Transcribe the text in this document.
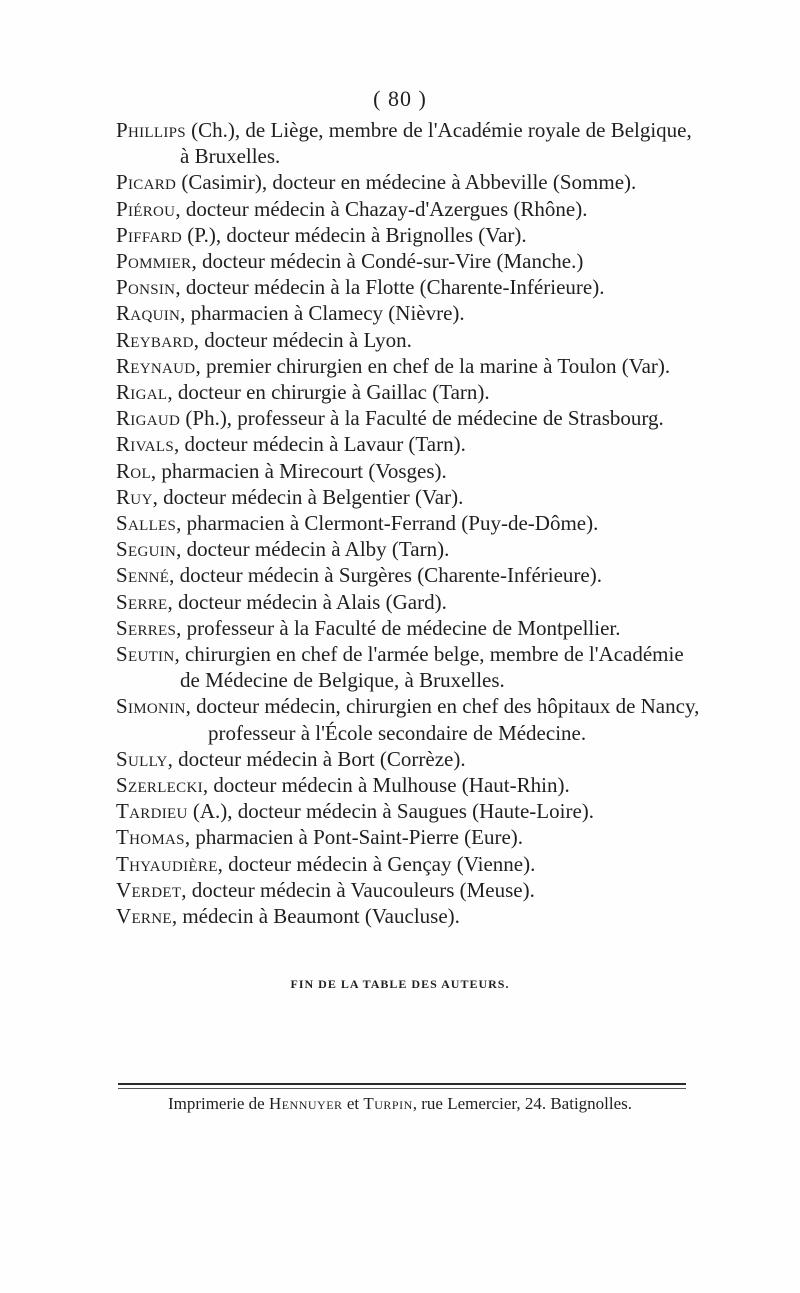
( 80 )
Phillips (Ch.), de Liège, membre de l'Académie royale de Belgique,
à Bruxelles.
Picard (Casimir), docteur en médecine à Abbeville (Somme).
Piérou, docteur médecin à Chazay-d'Azergues (Rhône).
Piffard (P.), docteur médecin à Brignolles (Var).
Pommier, docteur médecin à Condé-sur-Vire (Manche.)
Ponsin, docteur médecin à la Flotte (Charente-Inférieure).
Raquin, pharmacien à Clamecy (Nièvre).
Reybard, docteur médecin à Lyon.
Reynaud, premier chirurgien en chef de la marine à Toulon (Var).
Rigal, docteur en chirurgie à Gaillac (Tarn).
Rigaud (Ph.), professeur à la Faculté de médecine de Strasbourg.
Rivals, docteur médecin à Lavaur (Tarn).
Rol, pharmacien à Mirecourt (Vosges).
Ruy, docteur médecin à Belgentier (Var).
Salles, pharmacien à Clermont-Ferrand (Puy-de-Dôme).
Seguin, docteur médecin à Alby (Tarn).
Senné, docteur médecin à Surgères (Charente-Inférieure).
Serre, docteur médecin à Alais (Gard).
Serres, professeur à la Faculté de médecine de Montpellier.
Seutin, chirurgien en chef de l'armée belge, membre de l'Académie
de Médecine de Belgique, à Bruxelles.
Simonin, docteur médecin, chirurgien en chef des hôpitaux de Nancy,
professeur à l'École secondaire de Médecine.
Sully, docteur médecin à Bort (Corrèze).
Szerlecki, docteur médecin à Mulhouse (Haut-Rhin).
Tardieu (A.), docteur médecin à Saugues (Haute-Loire).
Thomas, pharmacien à Pont-Saint-Pierre (Eure).
Thyaudière, docteur médecin à Gençay (Vienne).
Verdet, docteur médecin à Vaucouleurs (Meuse).
Verne, médecin à Beaumont (Vaucluse).
FIN DE LA TABLE DES AUTEURS.
Imprimerie de Hennuyer et Turpin, rue Lemercier, 24. Batignolles.
